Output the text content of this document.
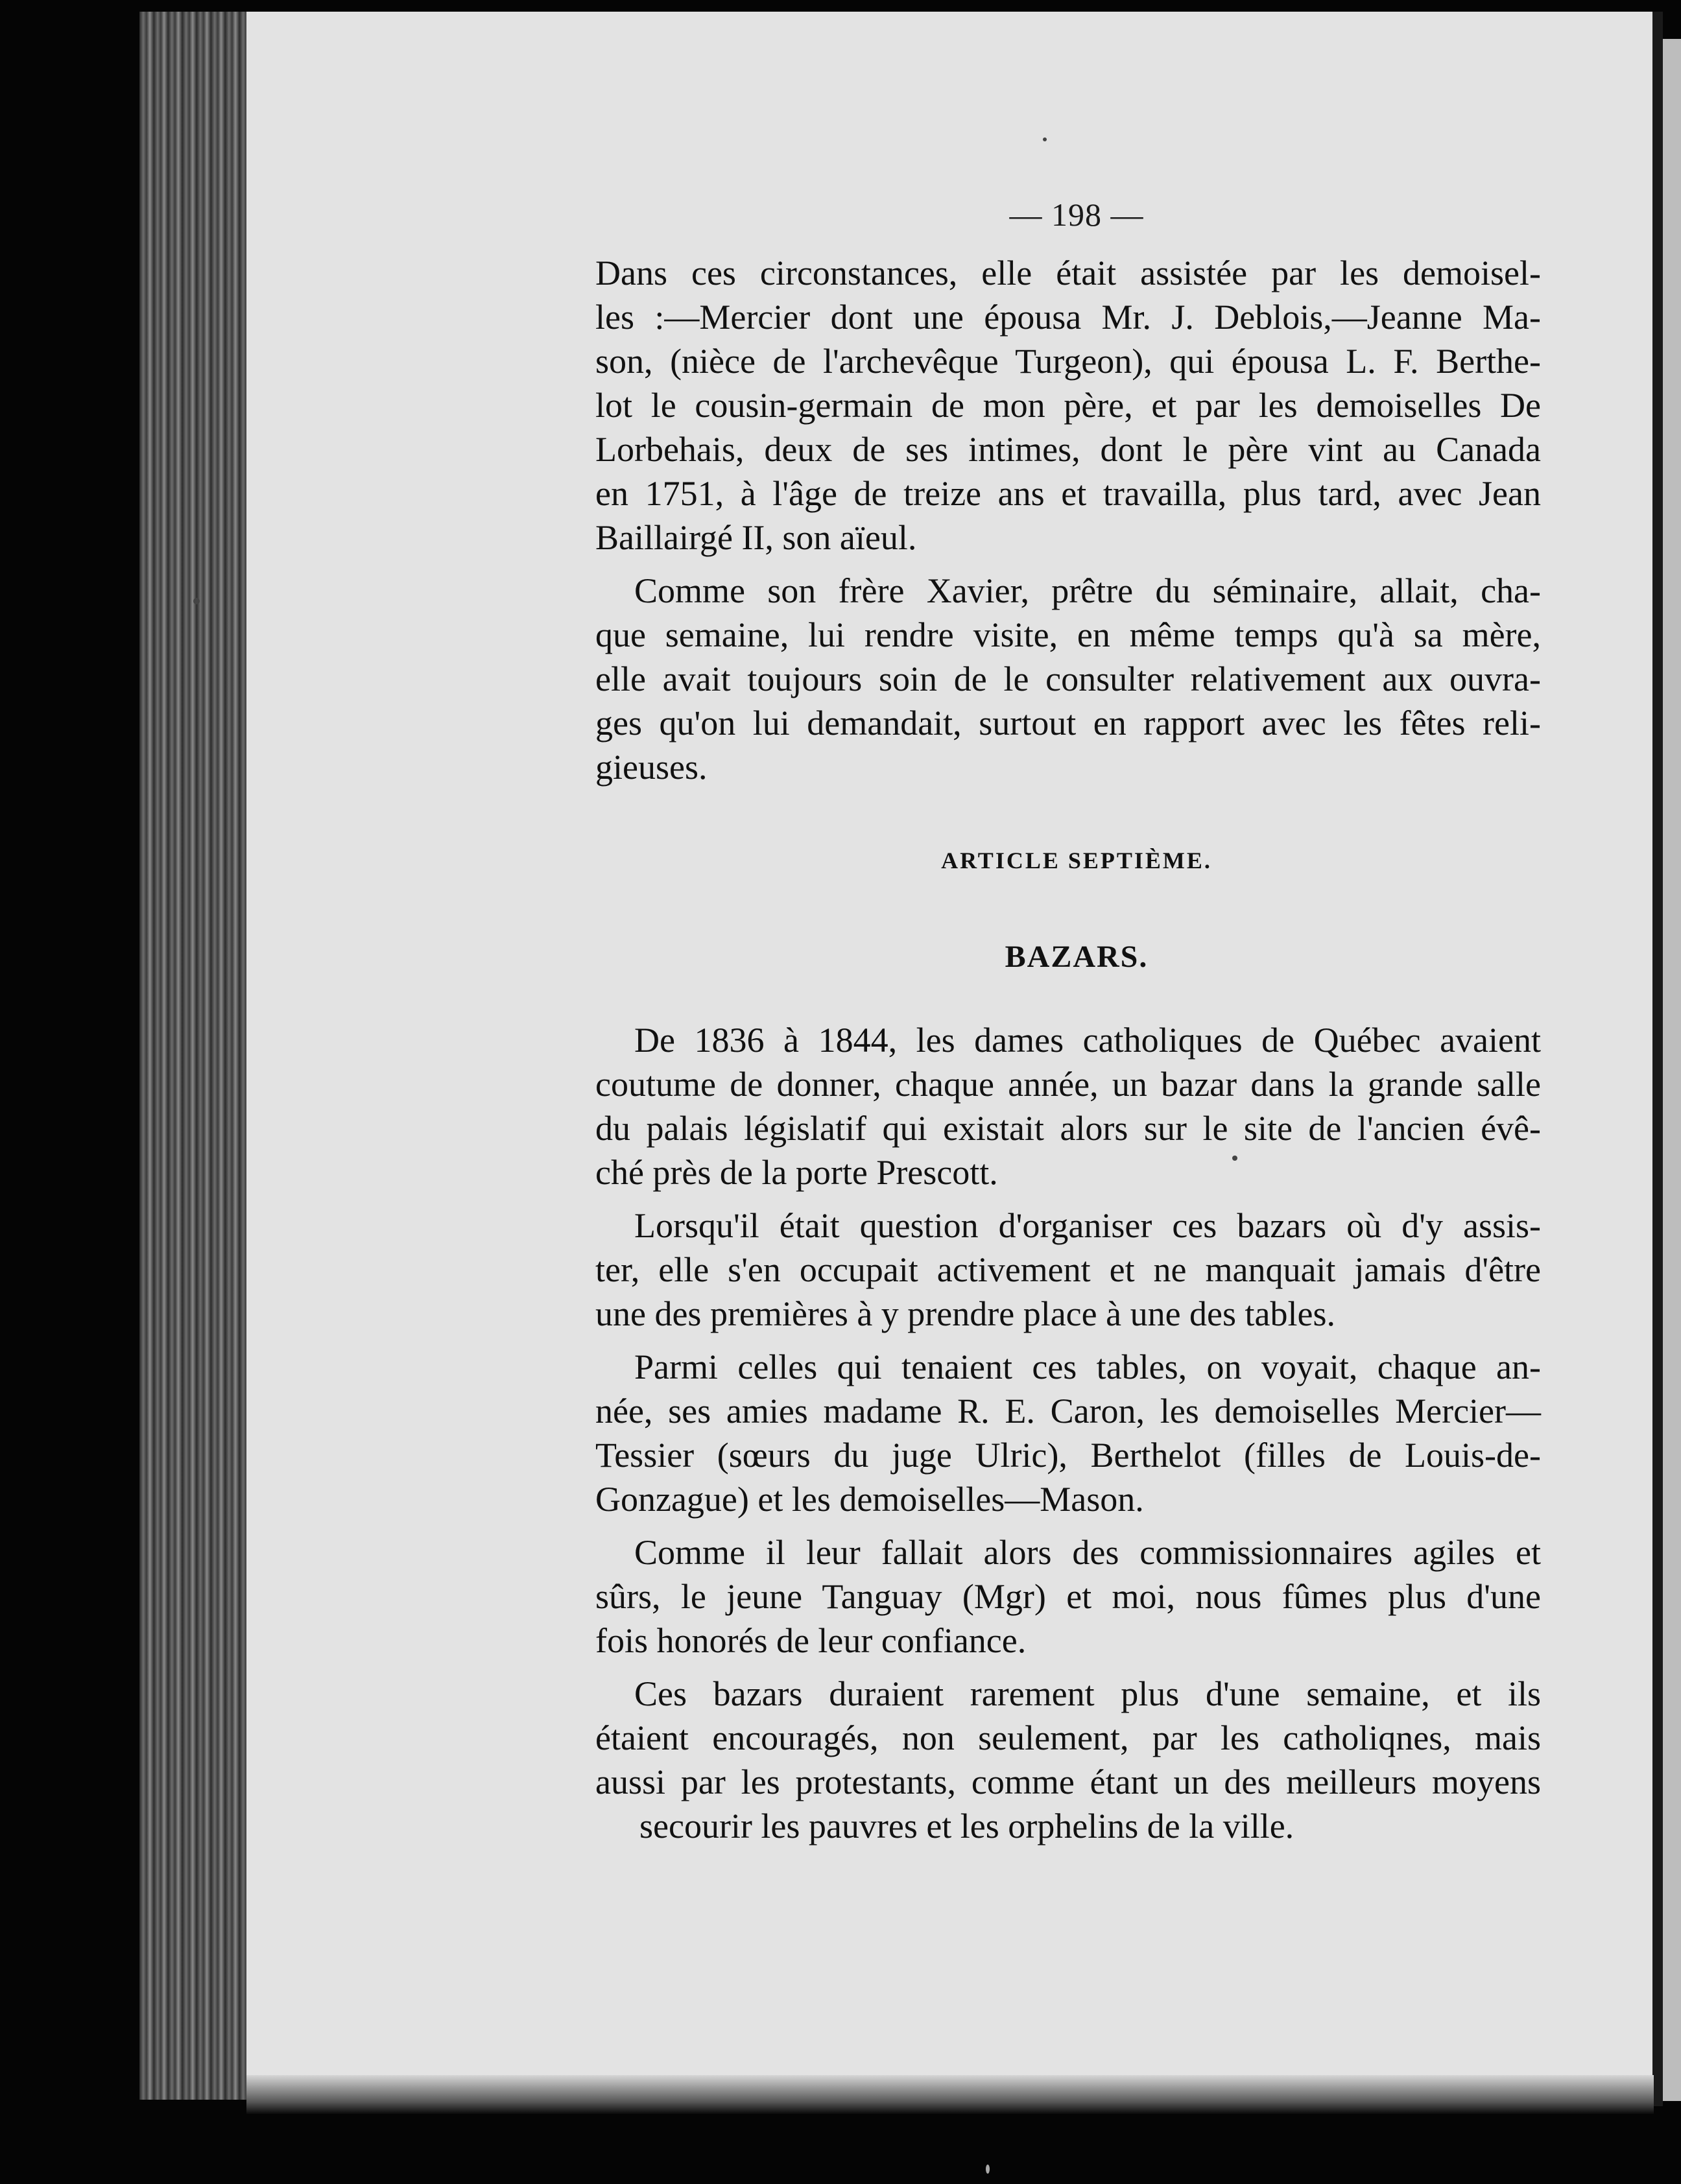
— 198 —
Dans ces circonstances, elle était assistée par les demoisel-
les :—Mercier dont une épousa Mr. J. Deblois,—Jeanne Ma-
son, (nièce de l'archevêque Turgeon), qui épousa L. F. Berthe-
lot le cousin-germain de mon père, et par les demoiselles De
Lorbehais, deux de ses intimes, dont le père vint au Canada
en 1751, à l'âge de treize ans et travailla, plus tard, avec Jean
Baillairgé II, son aïeul.
Comme son frère Xavier, prêtre du séminaire, allait, cha-
que semaine, lui rendre visite, en même temps qu'à sa mère,
elle avait toujours soin de le consulter relativement aux ouvra-
ges qu'on lui demandait, surtout en rapport avec les fêtes reli-
gieuses.
ARTICLE SEPTIÈME.
BAZARS.
De 1836 à 1844, les dames catholiques de Québec avaient
coutume de donner, chaque année, un bazar dans la grande salle
du palais législatif qui existait alors sur le site de l'ancien évê-
ché près de la porte Prescott.
Lorsqu'il était question d'organiser ces bazars où d'y assis-
ter, elle s'en occupait activement et ne manquait jamais d'être
une des premières à y prendre place à une des tables.
Parmi celles qui tenaient ces tables, on voyait, chaque an-
née, ses amies madame R. E. Caron, les demoiselles Mercier—
Tessier (sœurs du juge Ulric), Berthelot (filles de Louis-de-
Gonzague) et les demoiselles—Mason.
Comme il leur fallait alors des commissionnaires agiles et
sûrs, le jeune Tanguay (Mgr) et moi, nous fûmes plus d'une
fois honorés de leur confiance.
Ces bazars duraient rarement plus d'une semaine, et ils
étaient encouragés, non seulement, par les catholiqnes, mais
aussi par les protestants, comme étant un des meilleurs moyens
secourir les pauvres et les orphelins de la ville.
